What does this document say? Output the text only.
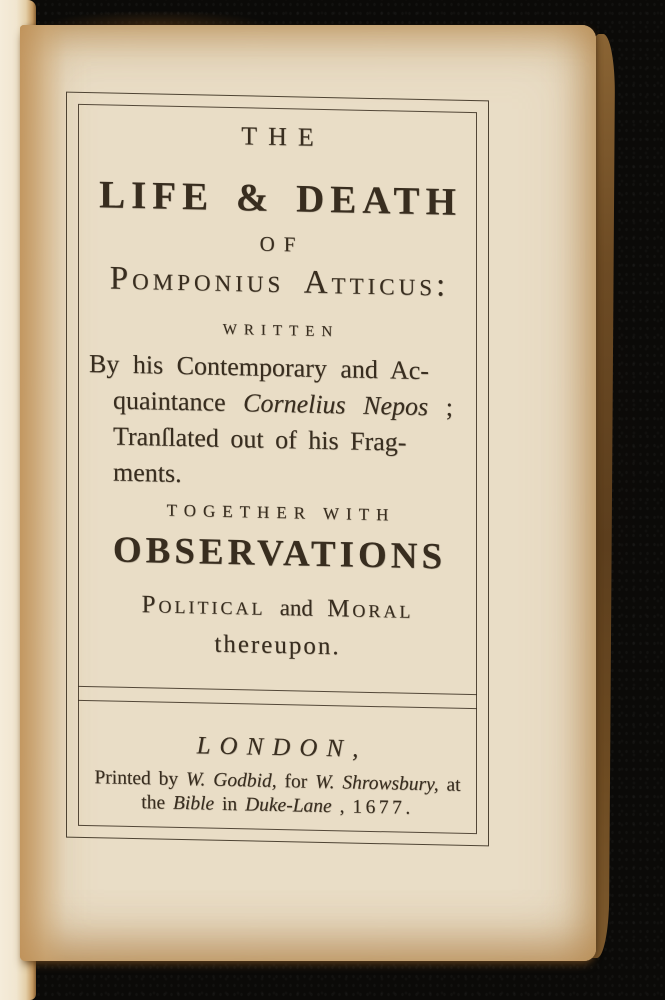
THE
LIFE & DEATH
OF
Pomponius Atticus:
WRITTEN
By his Contemporary and Ac-
quaintance Cornelius Nepos ;
Tranſlated out of his Frag-
ments.
TOGETHER WITH
OBSERVATIONS
Political and Moral
thereupon.
LONDON,
Printed by W. Godbid, for W. Shrowsbury, at
the Bible in Duke-Lane , 1677.
